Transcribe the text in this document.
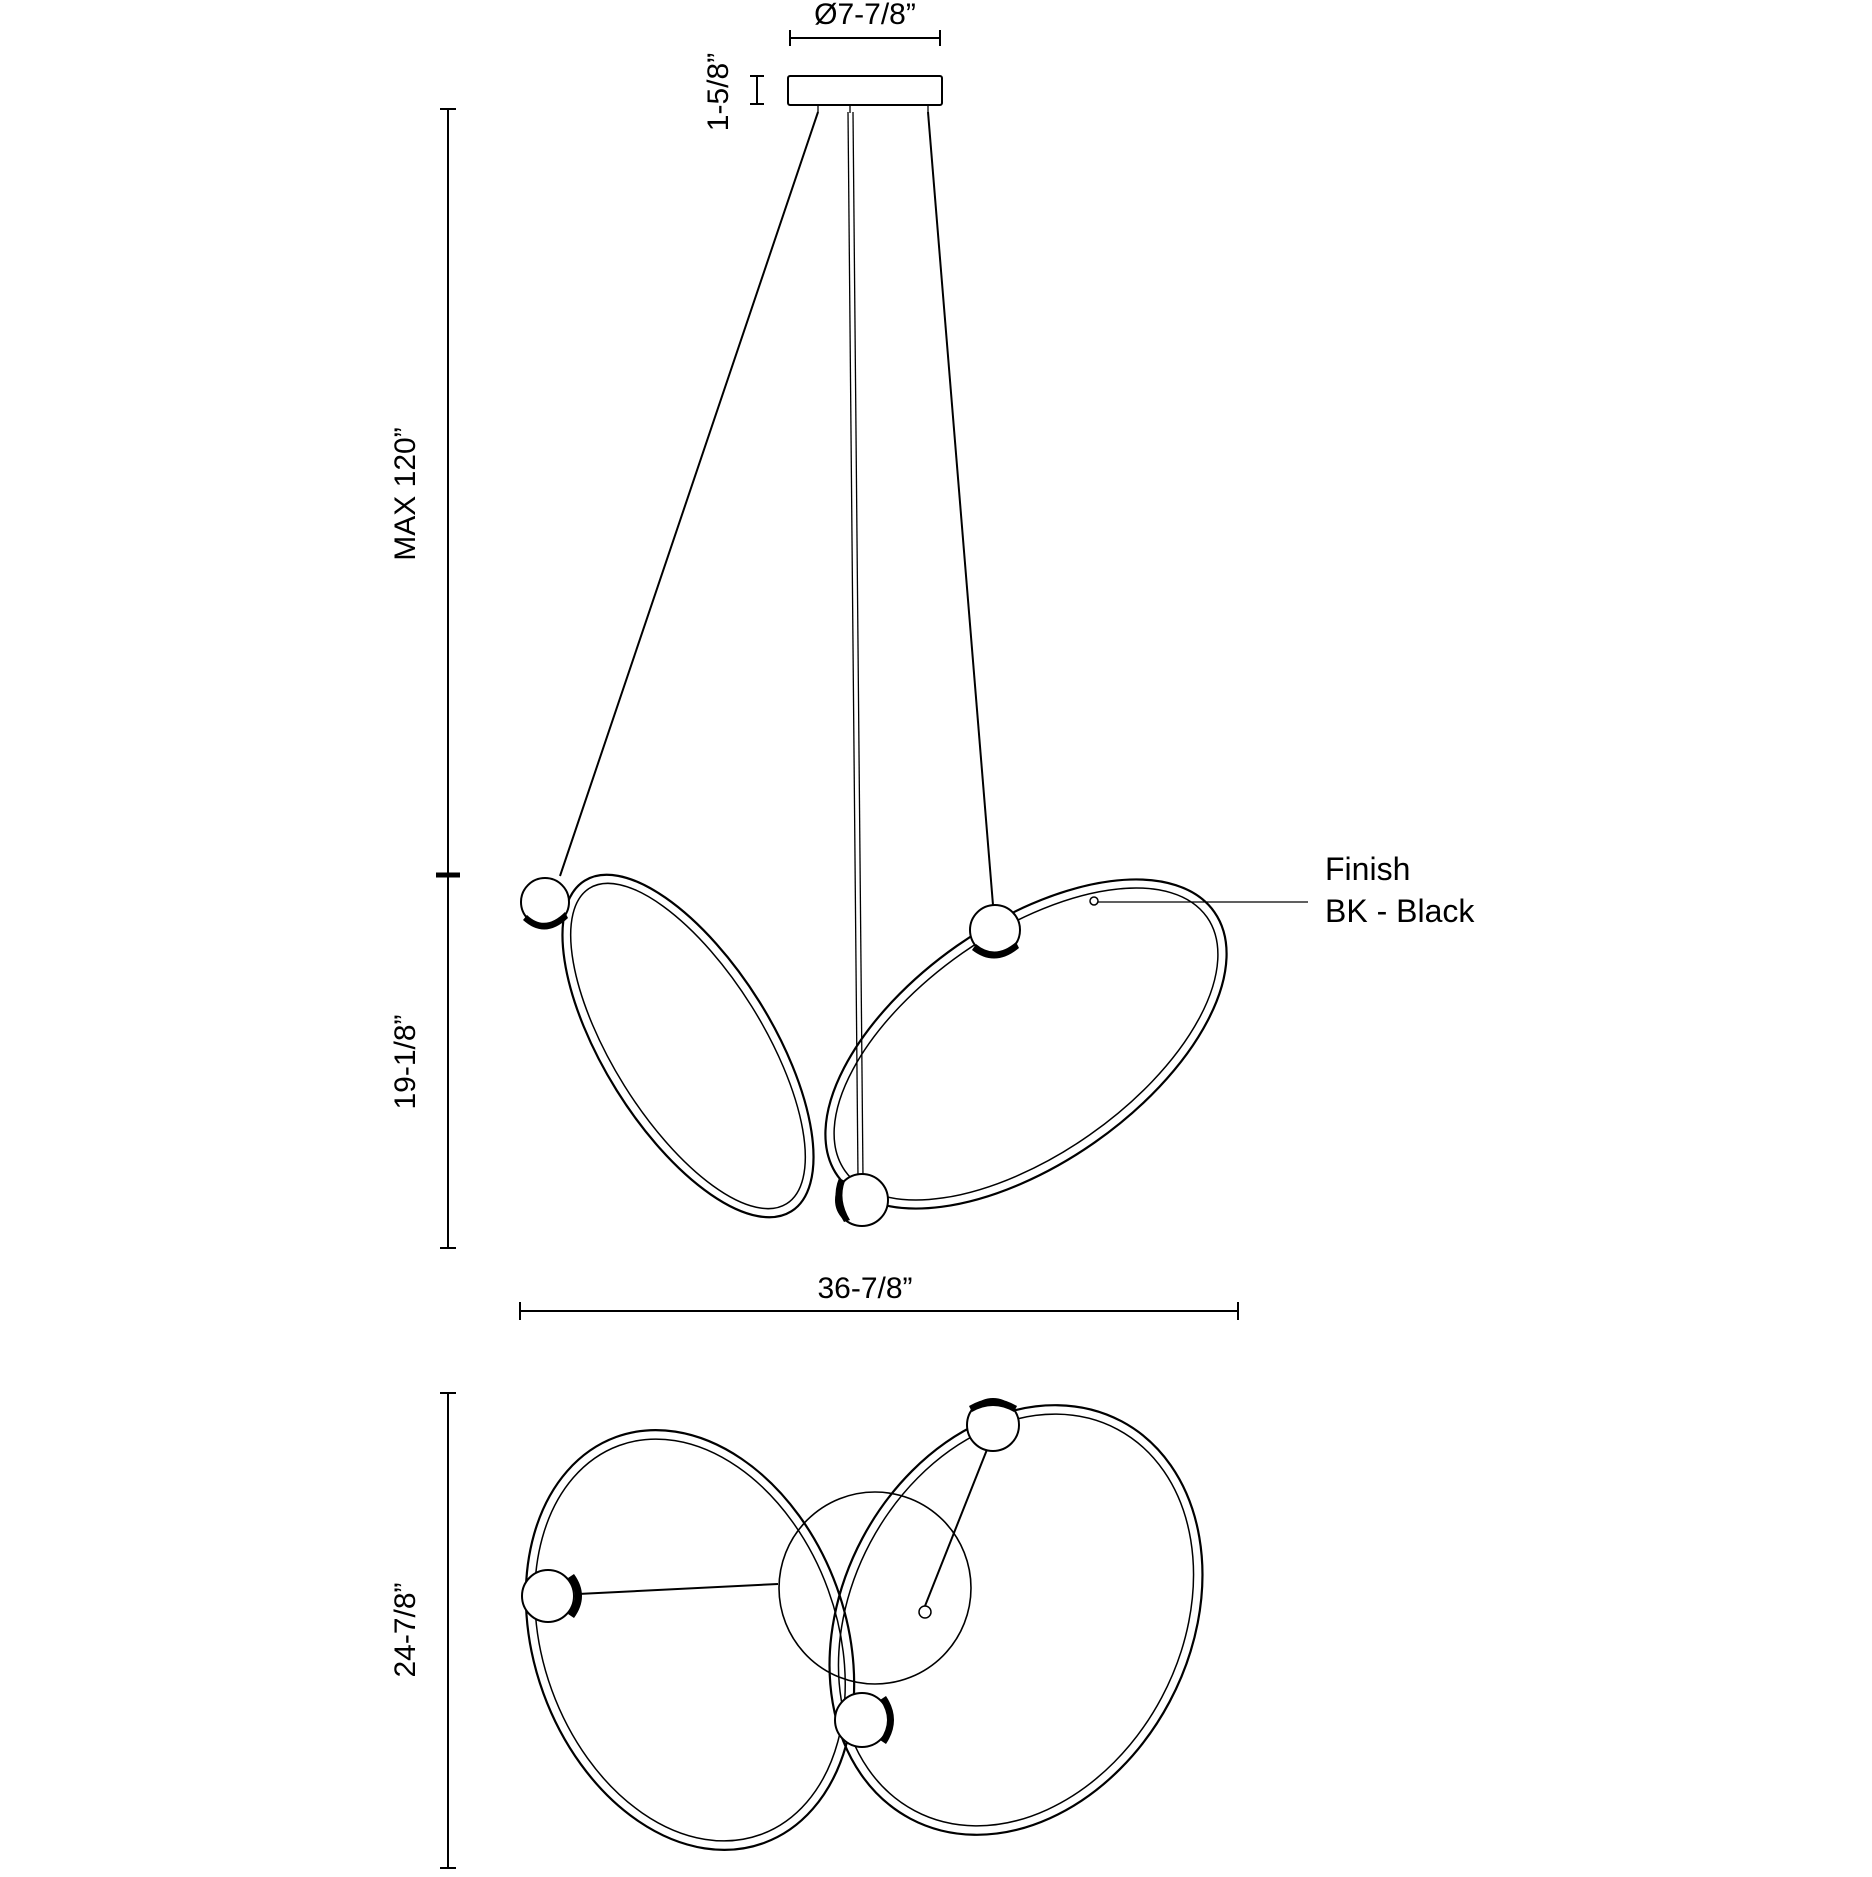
Ø7-7/8”
1-5/8”
Finish
BK - Black
MAX 120”
19-1/8”
36-7/8”
24-7/8”
